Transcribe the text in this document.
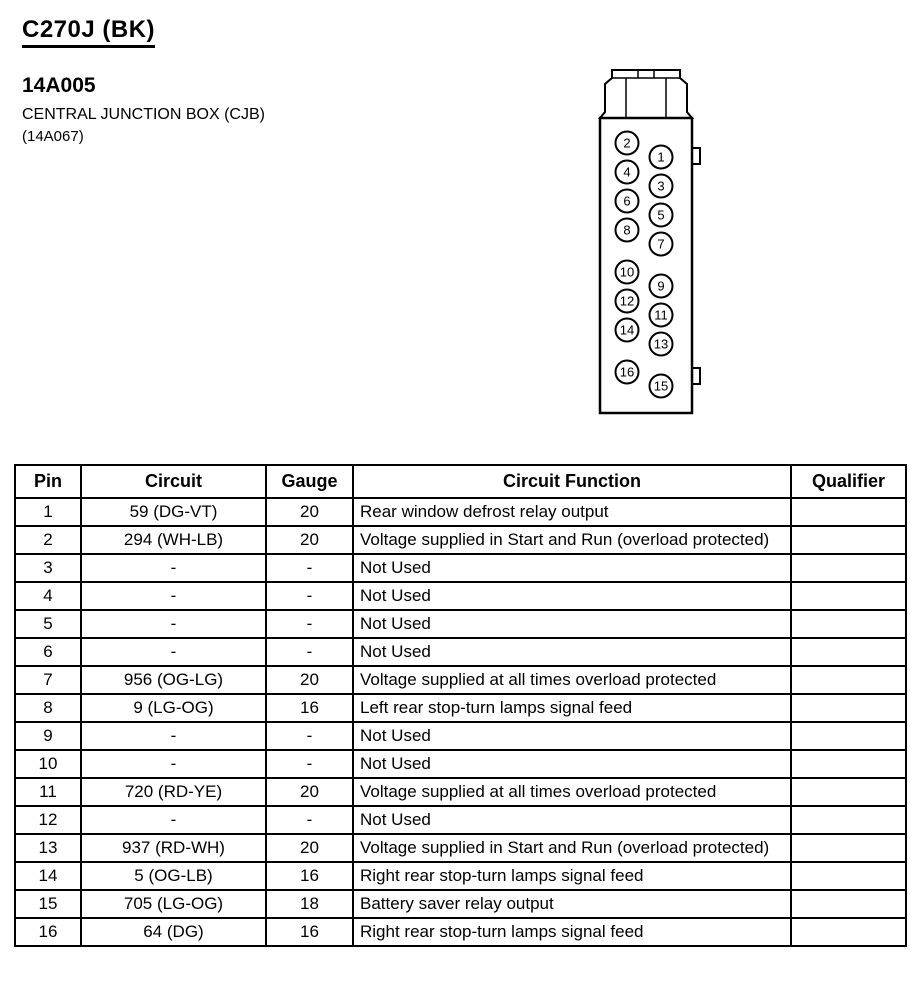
C270J (BK)
14A005
CENTRAL JUNCTION BOX (CJB)
(14A067)	2
4
6
8
10
12
14
16
1
3
5
7
9
11
13
15
Pin	Circuit	Gauge	Circuit Function	Qualifier
1	59 (DG-VT)	20	Rear window defrost relay output	
2	294 (WH-LB)	20	Voltage supplied in Start and Run (overload protected)	
3	-	-	Not Used	
4	-	-	Not Used	
5	-	-	Not Used	
6	-	-	Not Used	
7	956 (OG-LG)	20	Voltage supplied at all times overload protected	
8	9 (LG-OG)	16	Left rear stop-turn lamps signal feed	
9	-	-	Not Used	
10	-	-	Not Used	
11	720 (RD-YE)	20	Voltage supplied at all times overload protected	
12	-	-	Not Used	
13	937 (RD-WH)	20	Voltage supplied in Start and Run (overload protected)	
14	5 (OG-LB)	16	Right rear stop-turn lamps signal feed	
15	705 (LG-OG)	18	Battery saver relay output	
16	64 (DG)	16	Right rear stop-turn lamps signal feed	
